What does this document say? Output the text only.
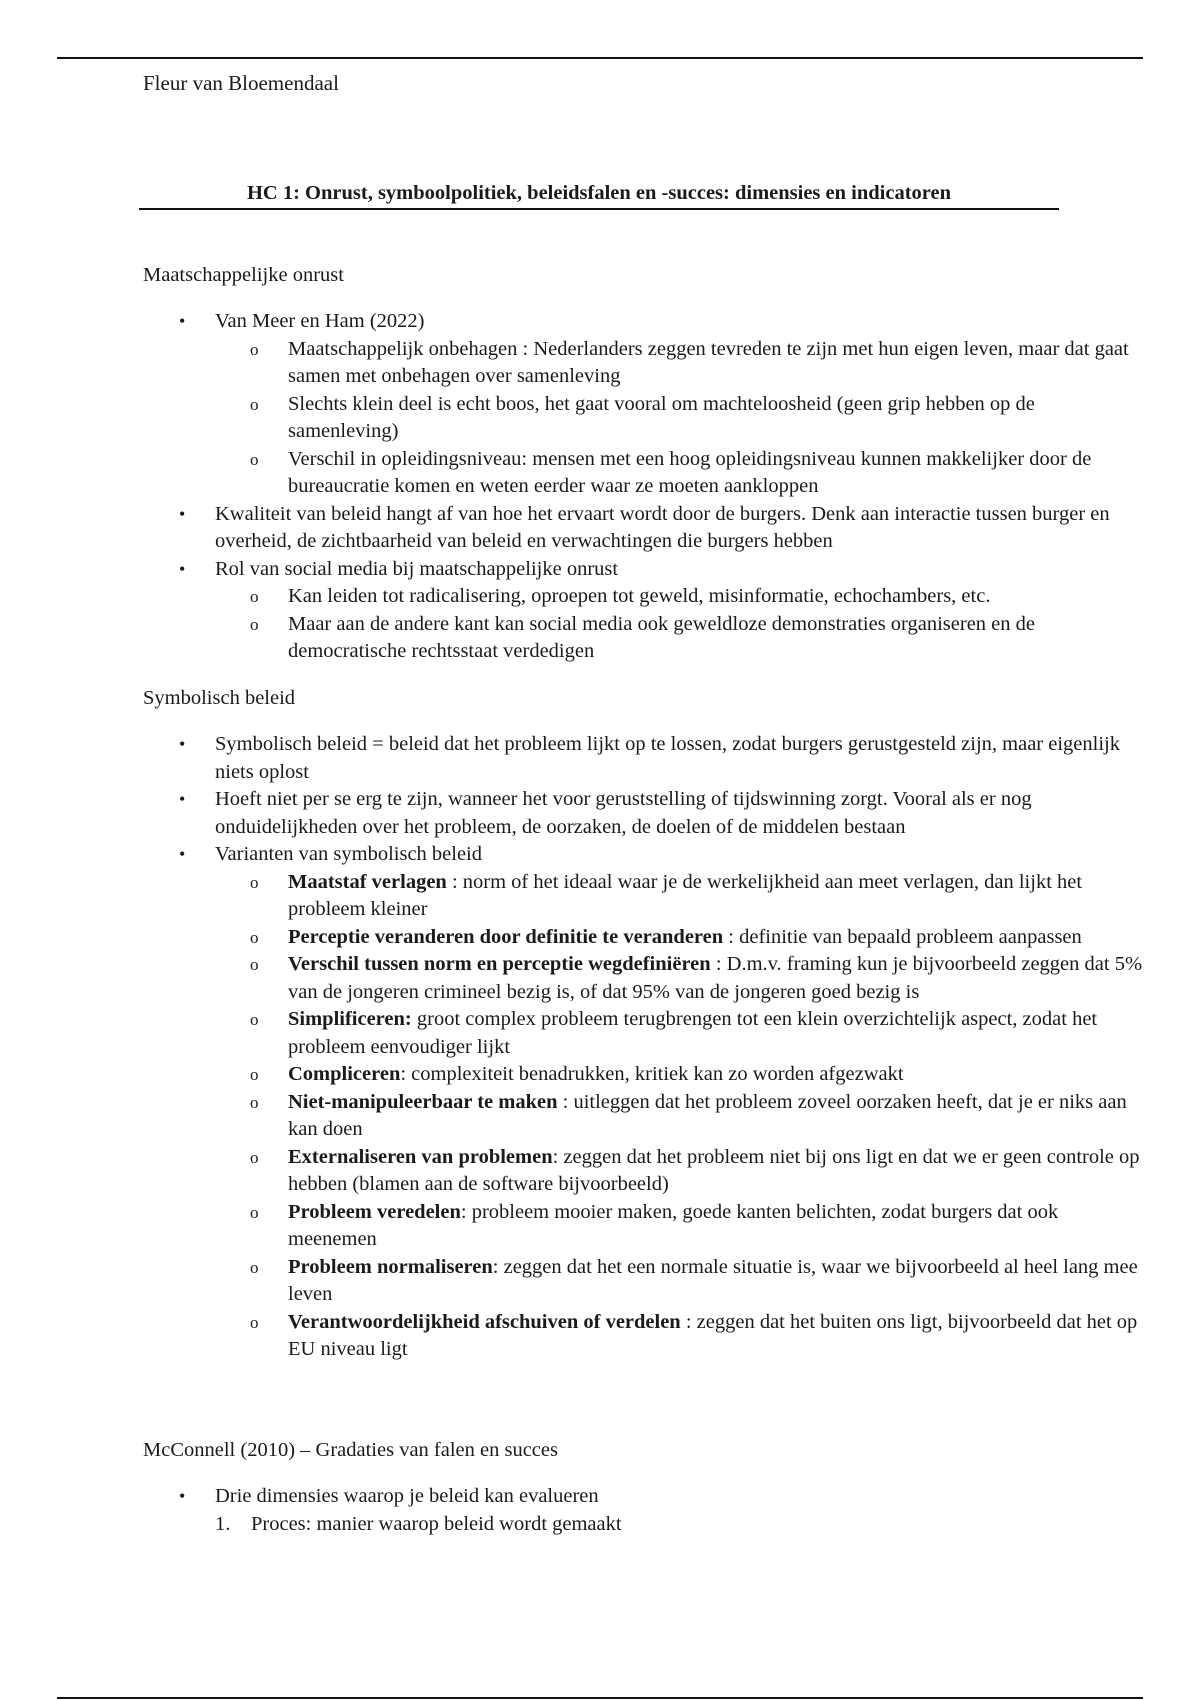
Fleur van Bloemendaal
HC 1: Onrust, symboolpolitiek, beleidsfalen en -succes: dimensies en indicatoren
Maatschappelijke onrust
• Van Meer en Ham (2022)
o Maatschappelijk onbehagen : Nederlanders zeggen tevreden te zijn met hun eigen leven, maar dat gaat samen met onbehagen over samenleving
o Slechts klein deel is echt boos, het gaat vooral om machteloosheid (geen grip hebben op de samenleving)
o Verschil in opleidingsniveau: mensen met een hoog opleidingsniveau kunnen makkelijker door de bureaucratie komen en weten eerder waar ze moeten aankloppen
• Kwaliteit van beleid hangt af van hoe het ervaart wordt door de burgers. Denk aan interactie tussen burger en overheid, de zichtbaarheid van beleid en verwachtingen die burgers hebben
• Rol van social media bij maatschappelijke onrust
o Kan leiden tot radicalisering, oproepen tot geweld, misinformatie, echochambers, etc.
o Maar aan de andere kant kan social media ook geweldloze demonstraties organiseren en de democratische rechtsstaat verdedigen
Symbolisch beleid
• Symbolisch beleid = beleid dat het probleem lijkt op te lossen, zodat burgers gerustgesteld zijn, maar eigenlijk niets oplost
• Hoeft niet per se erg te zijn, wanneer het voor geruststelling of tijdswinning zorgt. Vooral als er nog onduidelijkheden over het probleem, de oorzaken, de doelen of de middelen bestaan
• Varianten van symbolisch beleid
o Maatstaf verlagen : norm of het ideaal waar je de werkelijkheid aan meet verlagen, dan lijkt het probleem kleiner
o Perceptie veranderen door definitie te veranderen : definitie van bepaald probleem aanpassen
o Verschil tussen norm en perceptie wegdefiniëren : D.m.v. framing kun je bijvoorbeeld zeggen dat 5% van de jongeren crimineel bezig is, of dat 95% van de jongeren goed bezig is
o Simplificeren: groot complex probleem terugbrengen tot een klein overzichtelijk aspect, zodat het probleem eenvoudiger lijkt
o Compliceren: complexiteit benadrukken, kritiek kan zo worden afgezwakt
o Niet-manipuleerbaar te maken : uitleggen dat het probleem zoveel oorzaken heeft, dat je er niks aan kan doen
o Externaliseren van problemen: zeggen dat het probleem niet bij ons ligt en dat we er geen controle op hebben (blamen aan de software bijvoorbeeld)
o Probleem veredelen: probleem mooier maken, goede kanten belichten, zodat burgers dat ook meenemen
o Probleem normaliseren: zeggen dat het een normale situatie is, waar we bijvoorbeeld al heel lang mee leven
o Verantwoordelijkheid afschuiven of verdelen : zeggen dat het buiten ons ligt, bijvoorbeeld dat het op EU niveau ligt
McConnell (2010) – Gradaties van falen en succes
• Drie dimensies waarop je beleid kan evalueren
1. Proces: manier waarop beleid wordt gemaakt
